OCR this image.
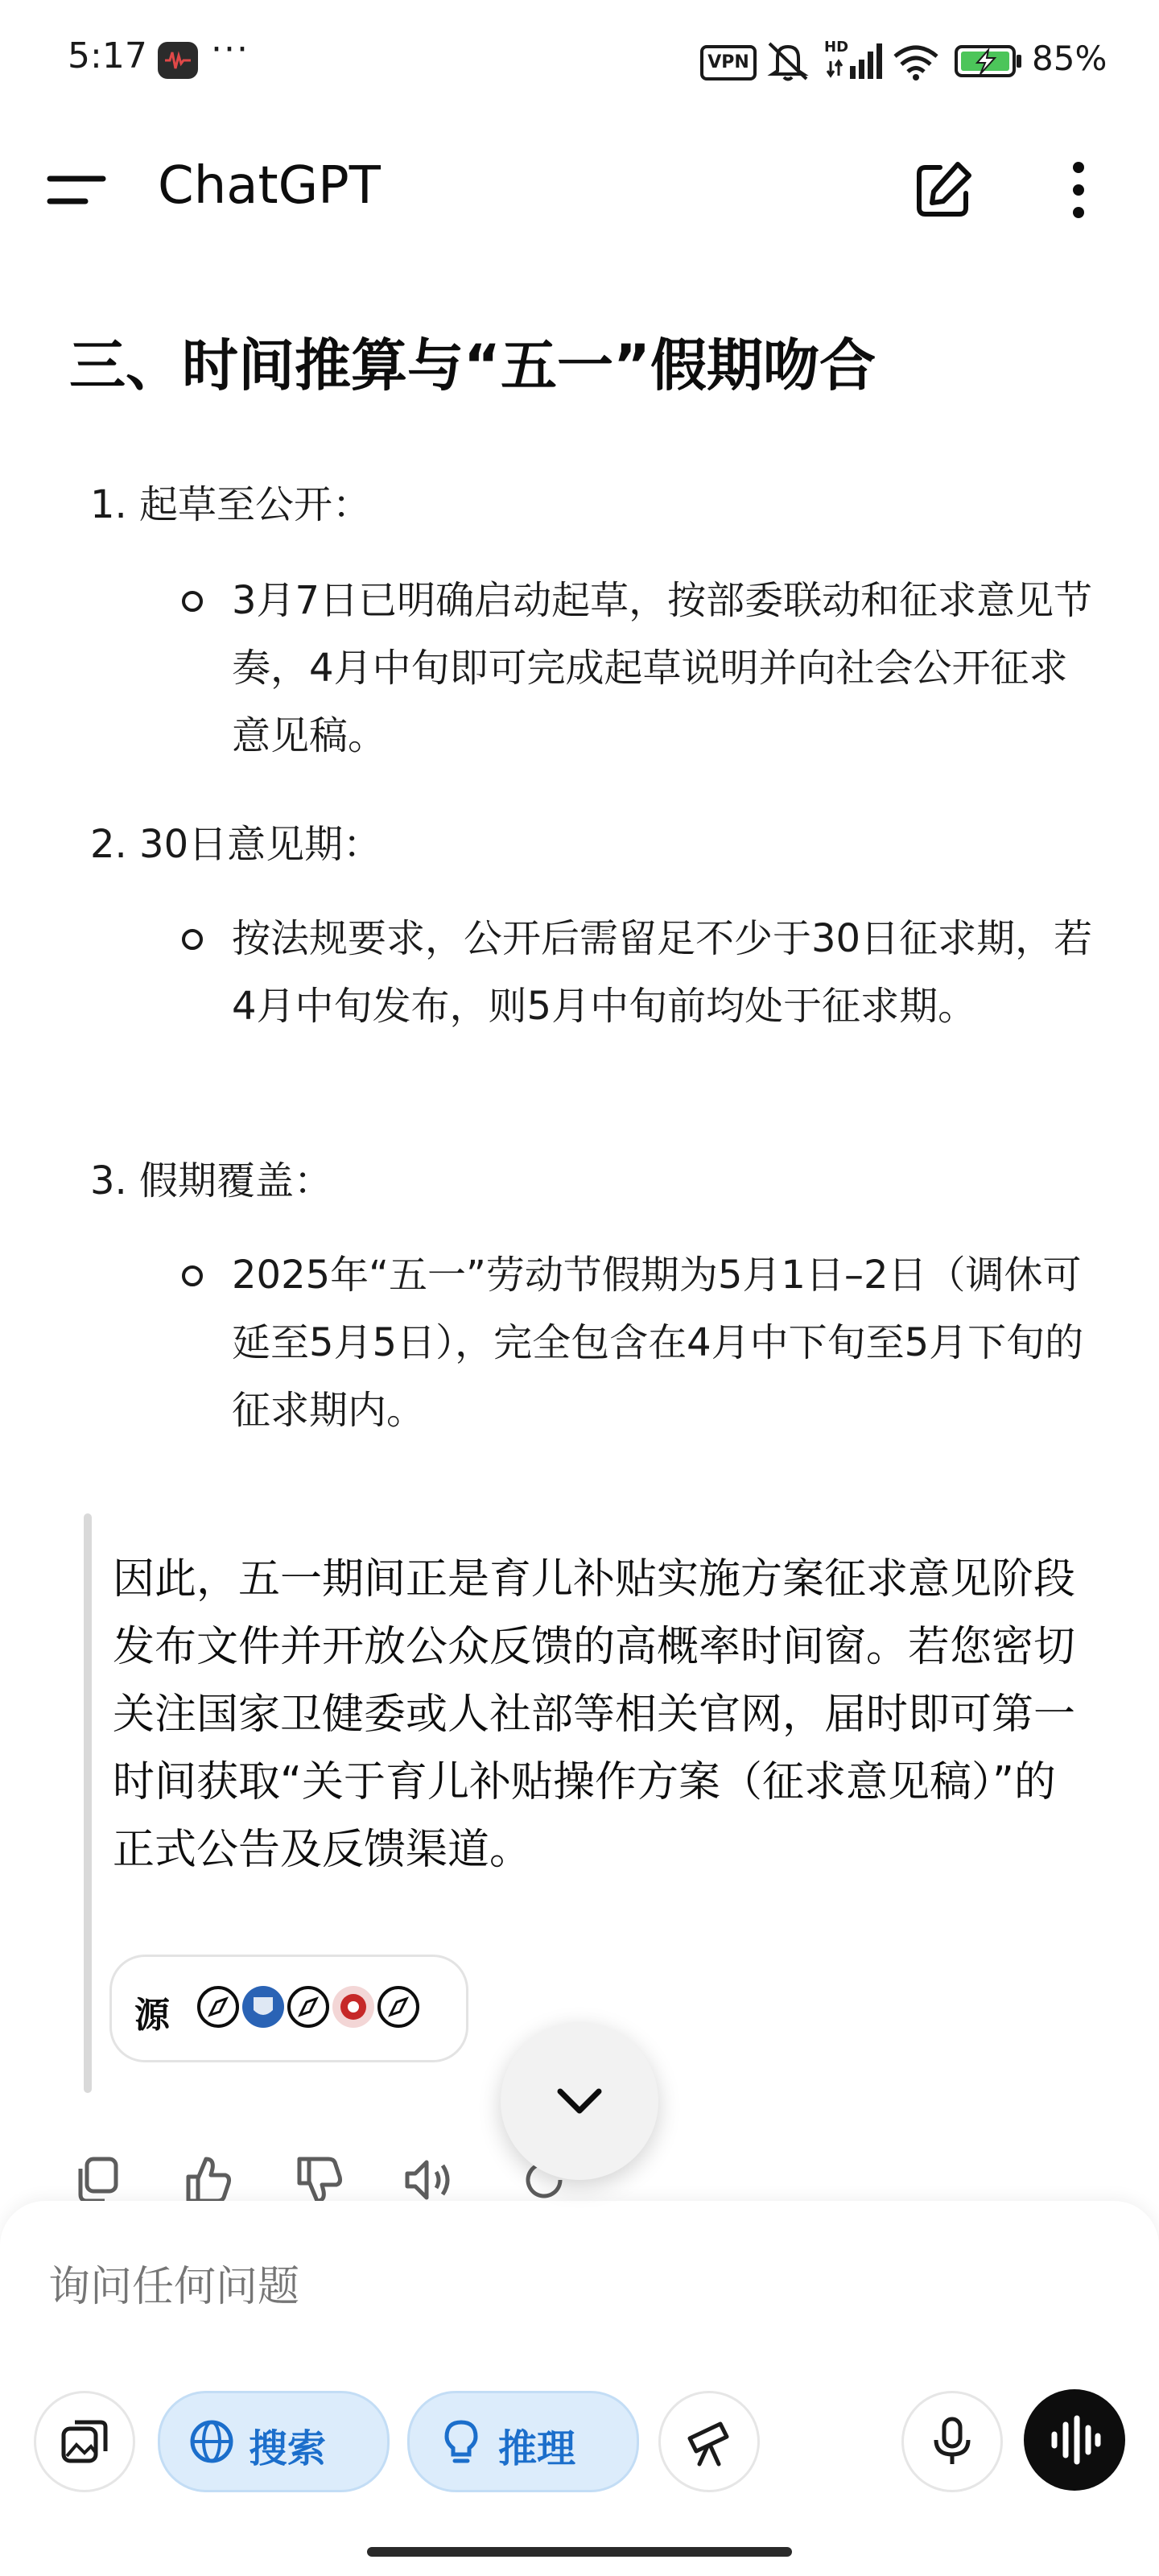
5:17 ···	VPN
HD	85%
ChatGPT
三、时间推算与“五一”假期吻合
1. 起草至公开：
3月7日已明确启动起草，按部委联动和征求意见节奏，4月中旬即可完成起草说明并向社会公开征求意见稿。
2. 30日意见期：
按法规要求，公开后需留足不少于30日征求期，若4月中旬发布，则5月中旬前均处于征求期。
3. 假期覆盖：
2025年“五一”劳动节假期为5月1日–2日（调休可延至5月5日），完全包含在4月中下旬至5月下旬的征求期内。
因此，五一期间正是育儿补贴实施方案征求意见阶段发布文件并开放公众反馈的高概率时间窗。若您密切关注国家卫健委或人社部等相关官网，届时即可第一时间获取“关于育儿补贴操作方案（征求意见稿）”的正式公告及反馈渠道。
源
询问任何问题
搜索	推理
